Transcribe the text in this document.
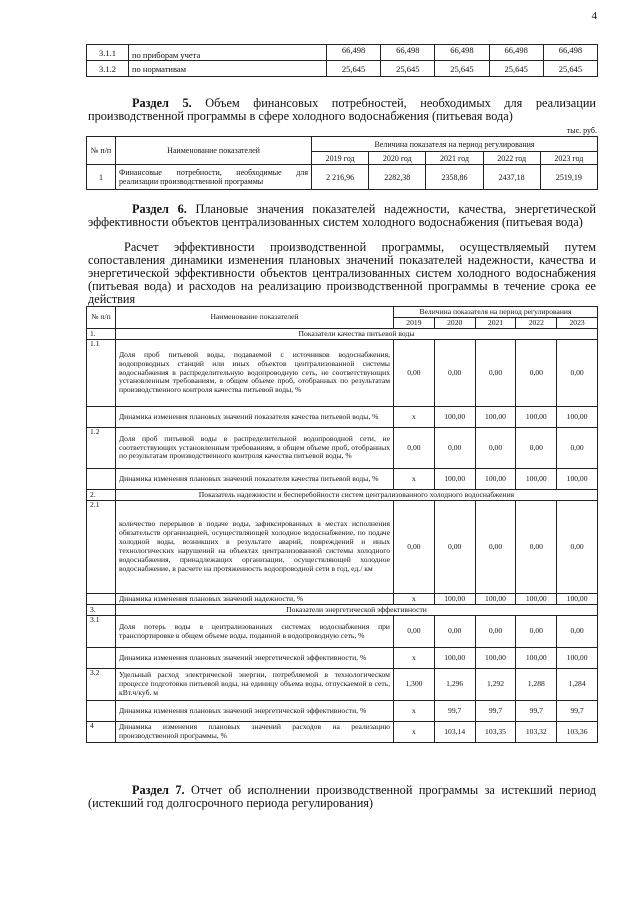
4
3.1.1	по приборам учета	66,498	66,498	66,498	66,498	66,498
3.1.2	по нормативам	25,645	25,645	25,645	25,645	25,645
Раздел 5. Объем финансовых потребностей, необходимых для реализации производственной программы в сфере холодного водоснабжения (питьевая вода)
тыс. руб.
№ п/п	Наименование показателей	Величина показателя на период регулирования				
		2019 год	2020 год	2021 год	2022 год	2023 год
1	Финансовые потребности, необходимые для реализации производственной программы	2 216,96	2282,38	2358,86	2437,18	2519,19
Раздел 6. Плановые значения показателей надежности, качества, энергетической эффективности объектов централизованных систем холодного водоснабжения (питьевая вода)
Расчет эффективности производственной программы, осуществляемый путем сопоставления динамики изменения плановых значений показателей надежности, качества и энергетической эффективности объектов централизованных систем холодного водоснабжения (питьевая вода) и расходов на реализацию производственной программы в течение срока ее действия
№ п/п	Наименование показателей	Величина показателя на период регулирования				
		2019	2020	2021	2022	2023
1.	Показатели качества питьевой воды					
1.1	Доля проб питьевой воды, подаваемой с источников водоснабжения, водопроводных станций или иных объектов централизованной системы водоснабжения в распределительную водопроводную сеть, не соответствующих установленным требованиям, в общем объеме проб, отобранных по результатам производственного контроля качества питьевой воды, %	0,00	0,00	0,00	0,00	0,00
	Динамика изменения плановых значений показателя качества питьевой воды, %	x	100,00	100,00	100,00	100,00
1.2	Доля проб питьевой воды в распределительной водопроводной сети, не соответствующих установленным требованиям, в общем объеме проб, отобранных по результатам производственного контроля качества питьевой воды, %	0,00	0,00	0,00	0,00	0,00
	Динамика изменения плановых значений показателя качества питьевой воды, %	x	100,00	100,00	100,00	100,00
2.	Показатель надежности и бесперебойности систем централизованного холодного водоснабжения					
2.1	количество перерывов в подаче воды, зафиксированных в местах исполнения обязательств организацией, осуществляющей холодное водоснабжение, по подаче холодной воды, возникших в результате аварий, повреждений и иных технологических нарушений на объектах централизованной системы холодного водоснабжения, принадлежащих организации, осуществляющей холодное водоснабжение, в расчете на протяженность водопроводной сети в год, ед./ км	0,00	0,00	0,00	0,00	0,00
	Динамика изменения плановых значений надежности, %	x	100,00	100,00	100,00	100,00
3.	Показатели энергетической эффективности					
3.1	Доля потерь воды в централизованных системах водоснабжения при транспортировке в общем объеме воды, поданной в водопроводную сеть, %	0,00	0,00	0,00	0,00	0,00
	Динамика изменения плановых значений энергетической эффективности, %	x	100,00	100,00	100,00	100,00
3.2	Удельный расход электрической энергии, потребляемой в технологическом процессе подготовки питьевой воды, на единицу объема воды, отпускаемой в сеть, кВт.ч/куб. м	1,300	1,296	1,292	1,288	1,284
	Динамика изменения плановых значений энергетической эффективности, %	x	99,7	99,7	99,7	99,7
4	Динамика изменения плановых значений расходов на реализацию производственной программы, %	x	103,14	103,35	103,32	103,36
Раздел 7. Отчет об исполнении производственной программы за истекший период (истекший год долгосрочного периода регулирования)
